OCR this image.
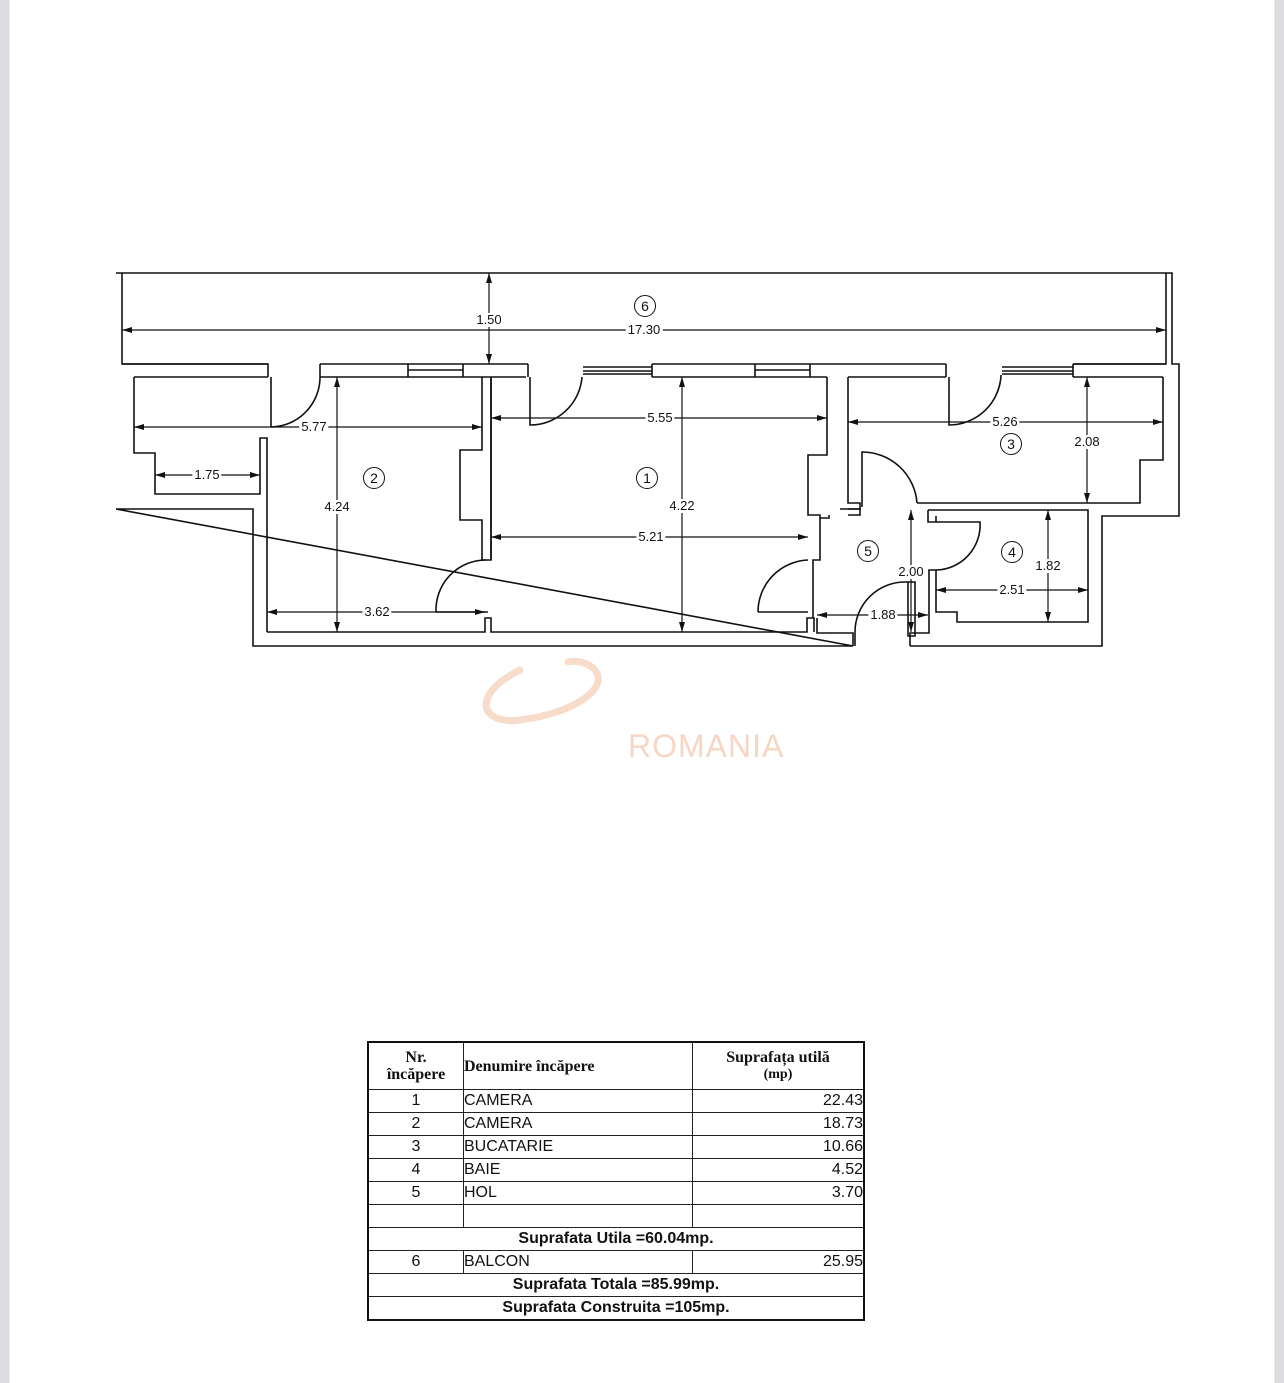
1.50
17.30
5.77
1.75
4.24
3.62
5.55
4.22
5.21
5.26
2.08
2.00
1.88
2.51
1.82
1
2
3
4
5
6
ROMANIA
Nr.
încăpere	Denumire încăpere	Suprafața utilă
(mp)

1	CAMERA	22.43
2	CAMERA	18.73
3	BUCATARIE	10.66
4	BAIE	4.52
5	HOL	3.70

Suprafata Utila =60.04mp.		
6	BALCON	25.95
Suprafata Totala =85.99mp.		
Suprafata Construita =105mp.		
